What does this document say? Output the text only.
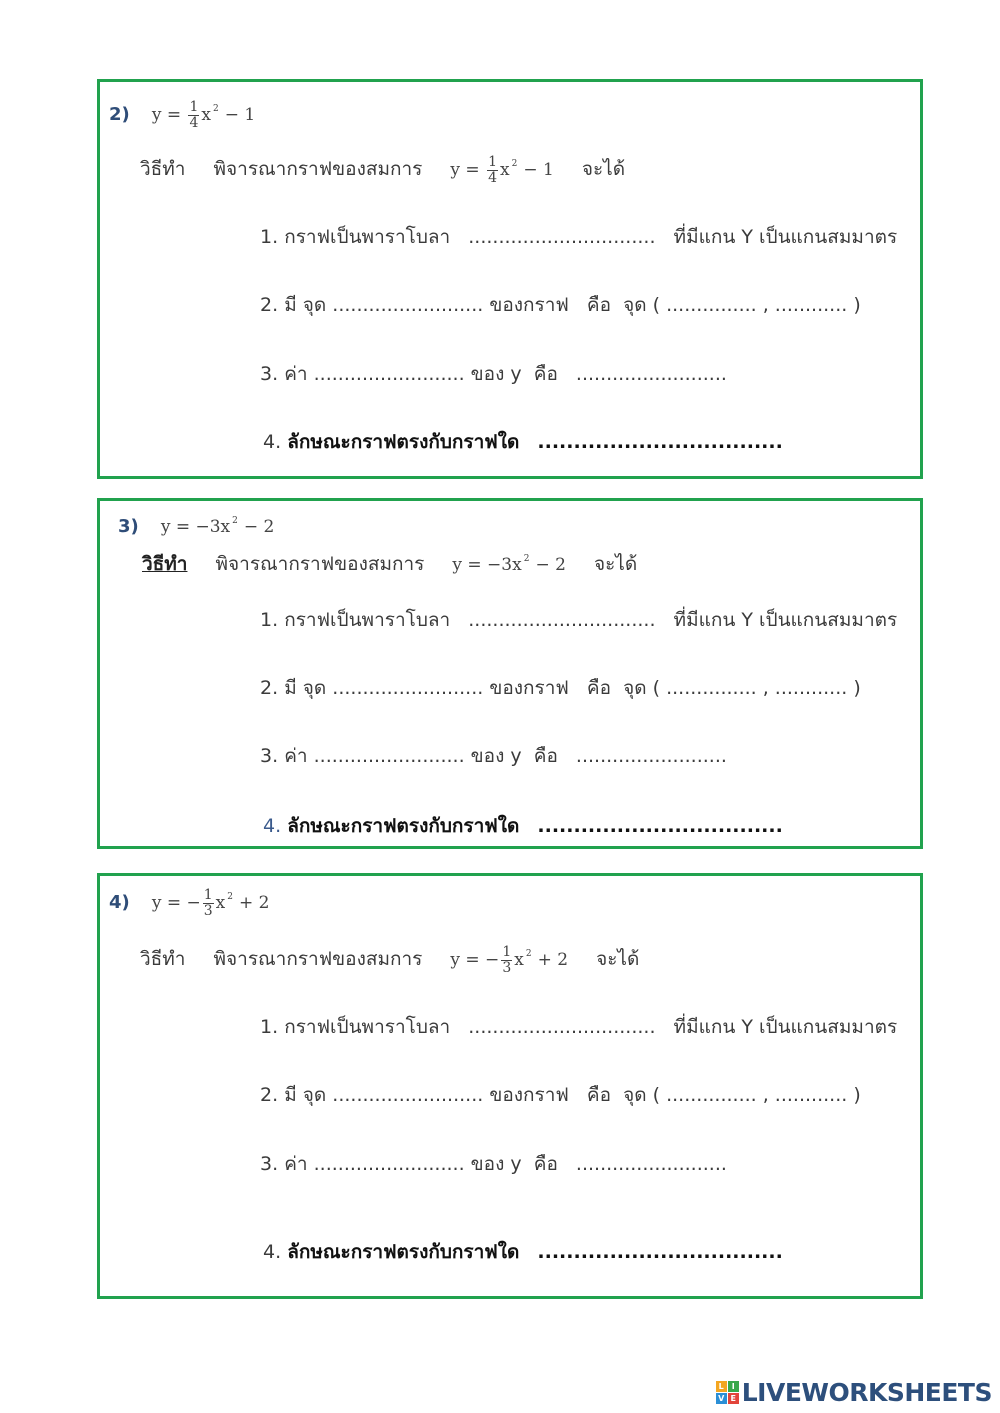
2) $y = \frac{1}{4}$ x $^2$ − 1
วิธีทำ พิจารณากราฟของสมการ $y = \frac{1}{4}$ x $^2$ − 1 จะได้
1. กราฟเป็นพาราโบลา ............................... ที่มีแกน Y เป็นแกนสมมาตร
2. มี จุด ......................... ของกราฟ คือ จุด ( ............... , ............ )
3. ค่า ......................... ของ y คือ .........................
4. ลักษณะกราฟตรงกับกราฟใด ..................................
3) y = −3x $^2$ − 2
วิธีทำ พิจารณากราฟของสมการ y = −3x $^2$ − 2 จะได้
1. กราฟเป็นพาราโบลา ............................... ที่มีแกน Y เป็นแกนสมมาตร
2. มี จุด ......................... ของกราฟ คือ จุด ( ............... , ............ )
3. ค่า ......................... ของ y คือ .........................
4. ลักษณะกราฟตรงกับกราฟใด ..................................
4) y = − $\frac{1}{3}$ x $^2$ + 2
วิธีทำ พิจารณากราฟของสมการ y = − $\frac{1}{3}$ x $^2$ + 2 จะได้
1. กราฟเป็นพาราโบลา ............................... ที่มีแกน Y เป็นแกนสมมาตร
2. มี จุด ......................... ของกราฟ คือ จุด ( ............... , ............ )
3. ค่า ......................... ของ y คือ .........................
4. ลักษณะกราฟตรงกับกราฟใด ..................................
L I
V E LIVEWORKSHEETS
